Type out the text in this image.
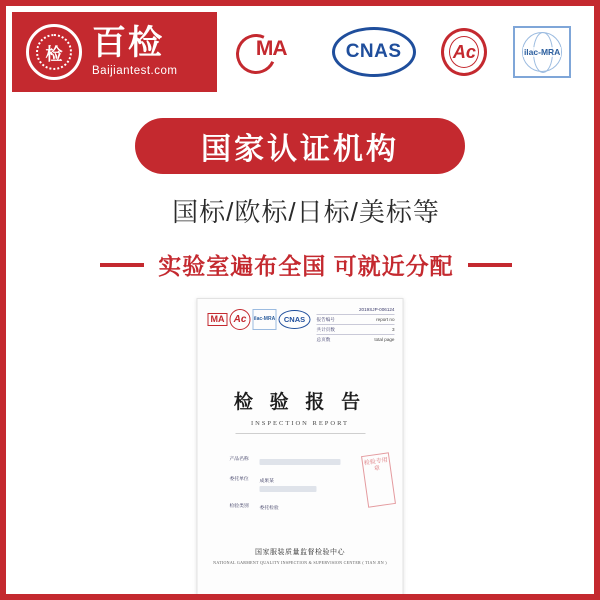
检 百检
Baijiantest.com
MA	CNAS	Ac	ilac-MRA
国家认证机构
国标/欧标/日标/美标等
实验室遍布全国 可就近分配
MA Ac	ilac-MRA	CNAS
2019SJP-006124
报告编号	report no
共计页数	3
总页数	total page
检 验 报 告
INSPECTION REPORT
产品名称
委托单位	成果某
检验类别	委托检验
检验专用章
国家服装质量监督检验中心
NATIONAL GARMENT QUALITY INSPECTION & SUPERVISION CENTER ( TIAN JIN )
